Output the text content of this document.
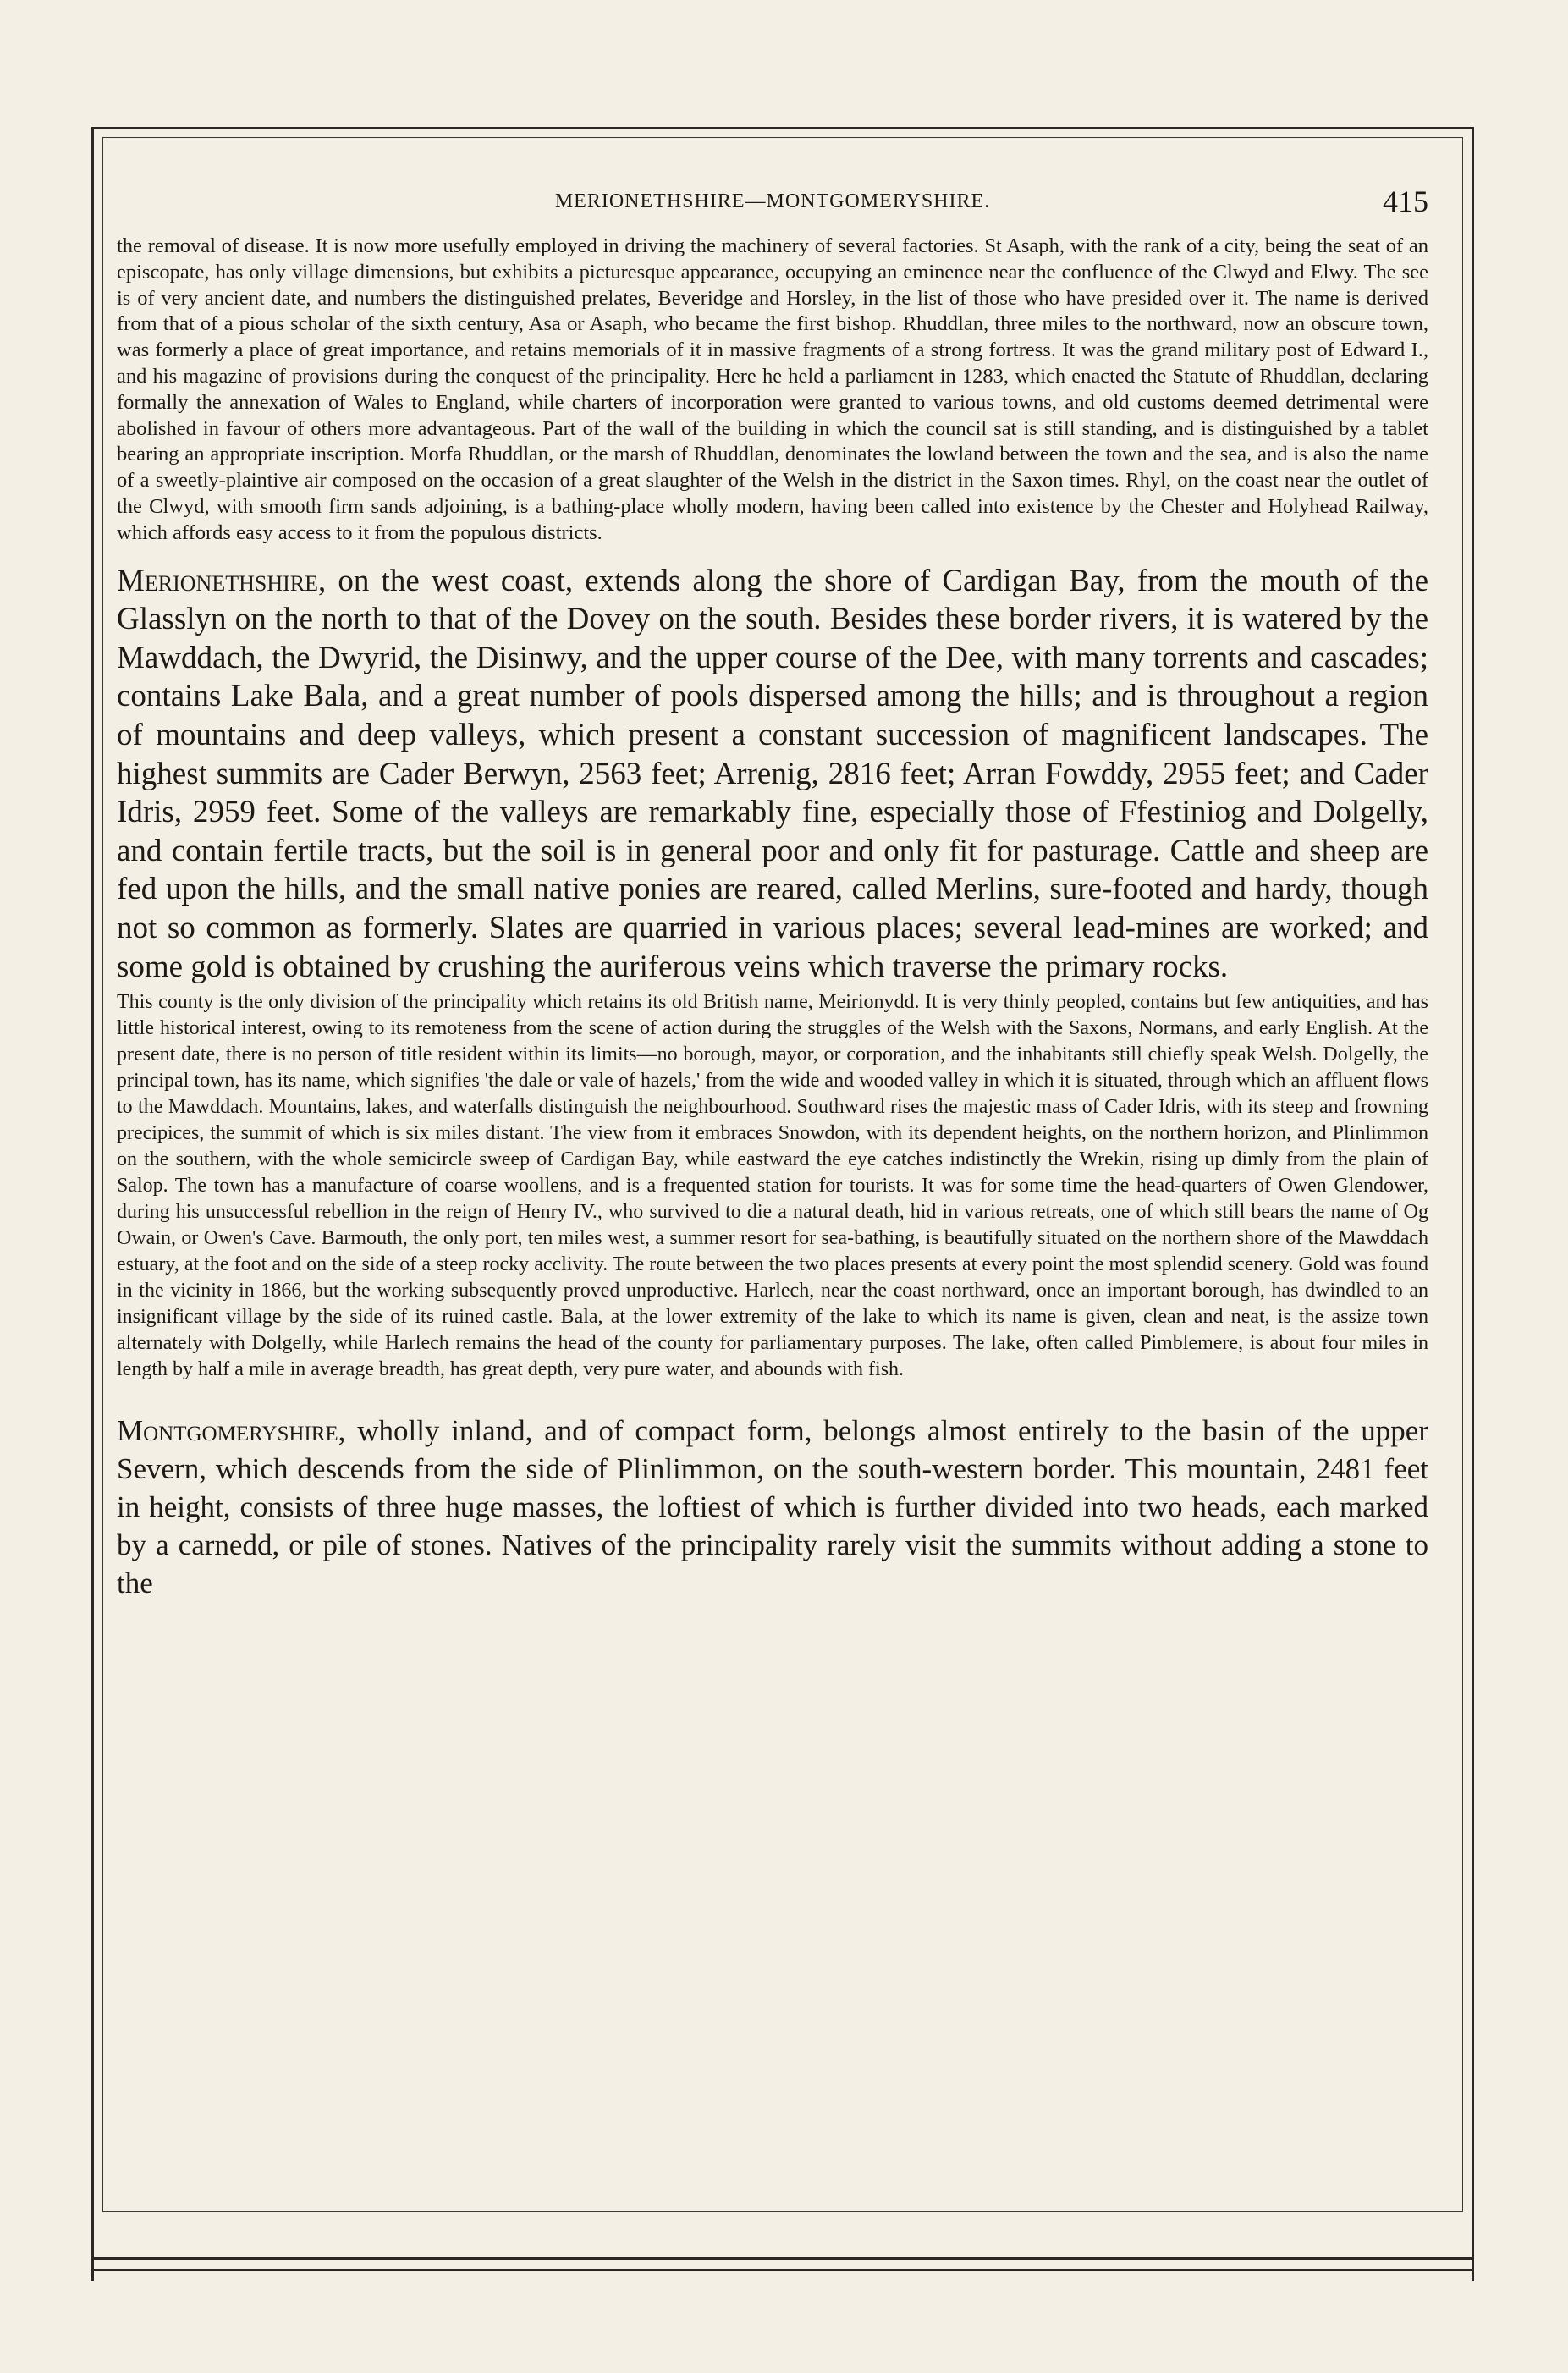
MERIONETHSHIRE—MONTGOMERYSHIRE.	415

the removal of disease. It is now more usefully employed in driving the machinery of several factories. St Asaph, with the rank of a city, being the seat of an episcopate, has only village dimensions, but exhibits a picturesque appearance, occupying an eminence near the confluence of the Clwyd and Elwy. The see is of very ancient date, and numbers the distinguished prelates, Beveridge and Horsley, in the list of those who have presided over it. The name is derived from that of a pious scholar of the sixth century, Asa or Asaph, who became the first bishop. Rhuddlan, three miles to the northward, now an obscure town, was formerly a place of great importance, and retains memorials of it in massive fragments of a strong fortress. It was the grand military post of Edward I., and his magazine of provisions during the conquest of the principality. Here he held a parliament in 1283, which enacted the Statute of Rhuddlan, declaring formally the annexation of Wales to England, while charters of incorporation were granted to various towns, and old customs deemed detrimental were abolished in favour of others more advantageous. Part of the wall of the building in which the council sat is still standing, and is distinguished by a tablet bearing an appropriate inscription. Morfa Rhuddlan, or the marsh of Rhuddlan, denominates the lowland between the town and the sea, and is also the name of a sweetly-plaintive air composed on the occasion of a great slaughter of the Welsh in the district in the Saxon times. Rhyl, on the coast near the outlet of the Clwyd, with smooth firm sands adjoining, is a bathing-place wholly modern, having been called into existence by the Chester and Holyhead Railway, which affords easy access to it from the populous districts.

Merionethshire, on the west coast, extends along the shore of Cardigan Bay, from the mouth of the Glasslyn on the north to that of the Dovey on the south. Besides these border rivers, it is watered by the Mawddach, the Dwyrid, the Disinwy, and the upper course of the Dee, with many torrents and cascades; contains Lake Bala, and a great number of pools dispersed among the hills; and is throughout a region of mountains and deep valleys, which present a constant succession of magnificent landscapes. The highest summits are Cader Berwyn, 2563 feet; Arrenig, 2816 feet; Arran Fowddy, 2955 feet; and Cader Idris, 2959 feet. Some of the valleys are remarkably fine, especially those of Ffestiniog and Dolgelly, and contain fertile tracts, but the soil is in general poor and only fit for pasturage. Cattle and sheep are fed upon the hills, and the small native ponies are reared, called Merlins, sure-footed and hardy, though not so common as formerly. Slates are quarried in various places; several lead-mines are worked; and some gold is obtained by crushing the auriferous veins which traverse the primary rocks.

This county is the only division of the principality which retains its old British name, Meirionydd. It is very thinly peopled, contains but few antiquities, and has little historical interest, owing to its remoteness from the scene of action during the struggles of the Welsh with the Saxons, Normans, and early English. At the present date, there is no person of title resident within its limits—no borough, mayor, or corporation, and the inhabitants still chiefly speak Welsh. Dolgelly, the principal town, has its name, which signifies 'the dale or vale of hazels,' from the wide and wooded valley in which it is situated, through which an affluent flows to the Mawddach. Mountains, lakes, and waterfalls distinguish the neighbourhood. Southward rises the majestic mass of Cader Idris, with its steep and frowning precipices, the summit of which is six miles distant. The view from it embraces Snowdon, with its dependent heights, on the northern horizon, and Plinlimmon on the southern, with the whole semicircle sweep of Cardigan Bay, while eastward the eye catches indistinctly the Wrekin, rising up dimly from the plain of Salop. The town has a manufacture of coarse woollens, and is a frequented station for tourists. It was for some time the head-quarters of Owen Glendower, during his unsuccessful rebellion in the reign of Henry IV., who survived to die a natural death, hid in various retreats, one of which still bears the name of Og Owain, or Owen's Cave. Barmouth, the only port, ten miles west, a summer resort for sea-bathing, is beautifully situated on the northern shore of the Mawddach estuary, at the foot and on the side of a steep rocky acclivity. The route between the two places presents at every point the most splendid scenery. Gold was found in the vicinity in 1866, but the working subsequently proved unproductive. Harlech, near the coast northward, once an important borough, has dwindled to an insignificant village by the side of its ruined castle. Bala, at the lower extremity of the lake to which its name is given, clean and neat, is the assize town alternately with Dolgelly, while Harlech remains the head of the county for parliamentary purposes. The lake, often called Pimblemere, is about four miles in length by half a mile in average breadth, has great depth, very pure water, and abounds with fish.

Montgomeryshire, wholly inland, and of compact form, belongs almost entirely to the basin of the upper Severn, which descends from the side of Plinlimmon, on the south-western border. This mountain, 2481 feet in height, consists of three huge masses, the loftiest of which is further divided into two heads, each marked by a carnedd, or pile of stones. Natives of the principality rarely visit the summits without adding a stone to the
